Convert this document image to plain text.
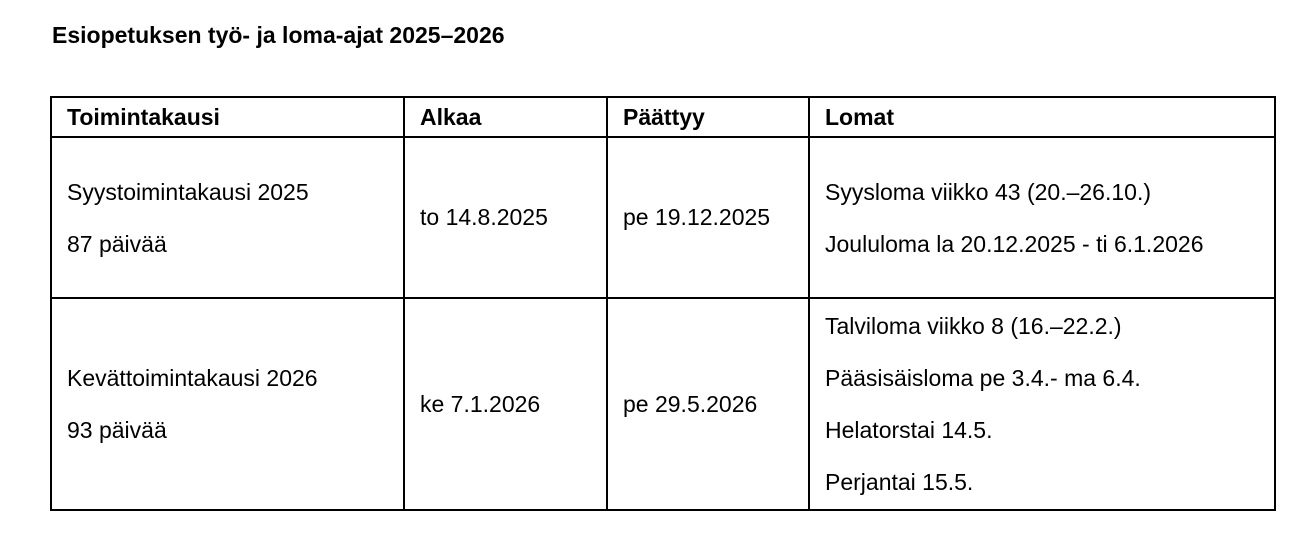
Esiopetuksen työ- ja loma-ajat 2025–2026
Toimintakausi	Alkaa	Päättyy	Lomat

Syystoimintakausi 2025
87 päivää	to 14.8.2025	pe 19.12.2025	Syysloma viikko 43 (20.–26.10.)
Joululoma la 20.12.2025 - ti 6.1.2026

Kevättoimintakausi 2026
93 päivää	ke 7.1.2026	pe 29.5.2026	Talviloma viikko 8 (16.–22.2.)
Pääsisäisloma pe 3.4.- ma 6.4.
Helatorstai 14.5.
Perjantai 15.5.
